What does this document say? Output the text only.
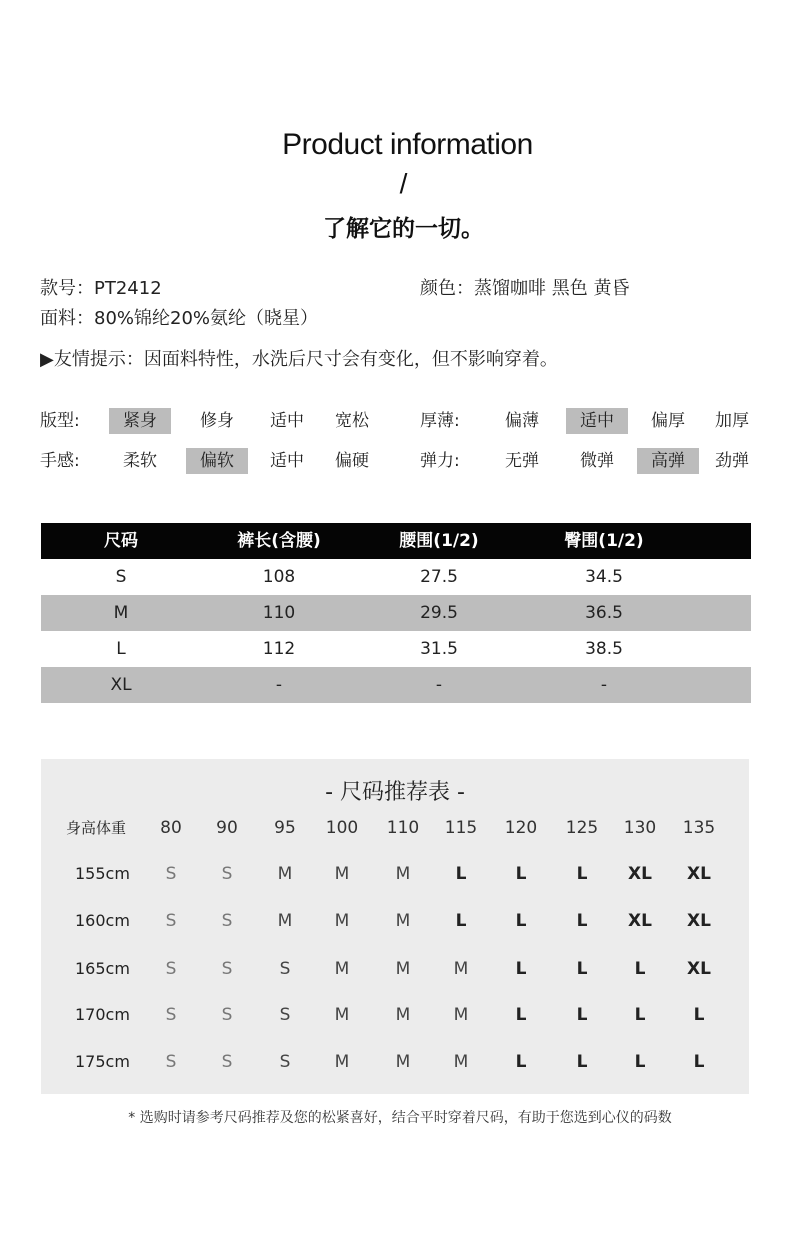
Product information
/
了解它的一切。
款号：PT2412	颜色：蒸馏咖啡 黑色 黄昏
面料：80%锦纶20%氨纶（晓星）
▶友情提示：因面料特性，水洗后尺寸会有变化，但不影响穿着。
版型:	紧身	修身	适中	宽松	厚薄:	偏薄	适中	偏厚	加厚
手感:	柔软	偏软	适中	偏硬	弹力:	无弹	微弹	高弹	劲弹
尺码	裤长(含腰)	腰围(1/2)	臀围(1/2)
S	108	27.5	34.5
M	110	29.5	36.5
L	112	31.5	38.5
XL	-	-	-
- 尺码推荐表 -
身高体重	80	90	95	100	110	115	120	125	130	135
155cm	S	S	M	M	M	L	L	L	XL	XL
160cm	S	S	M	M	M	L	L	L	XL	XL
165cm	S	S	S	M	M	M	L	L	L	XL
170cm	S	S	S	M	M	M	L	L	L	L
175cm	S	S	S	M	M	M	L	L	L	L
* 选购时请参考尺码推荐及您的松紧喜好，结合平时穿着尺码，有助于您选到心仪的码数
